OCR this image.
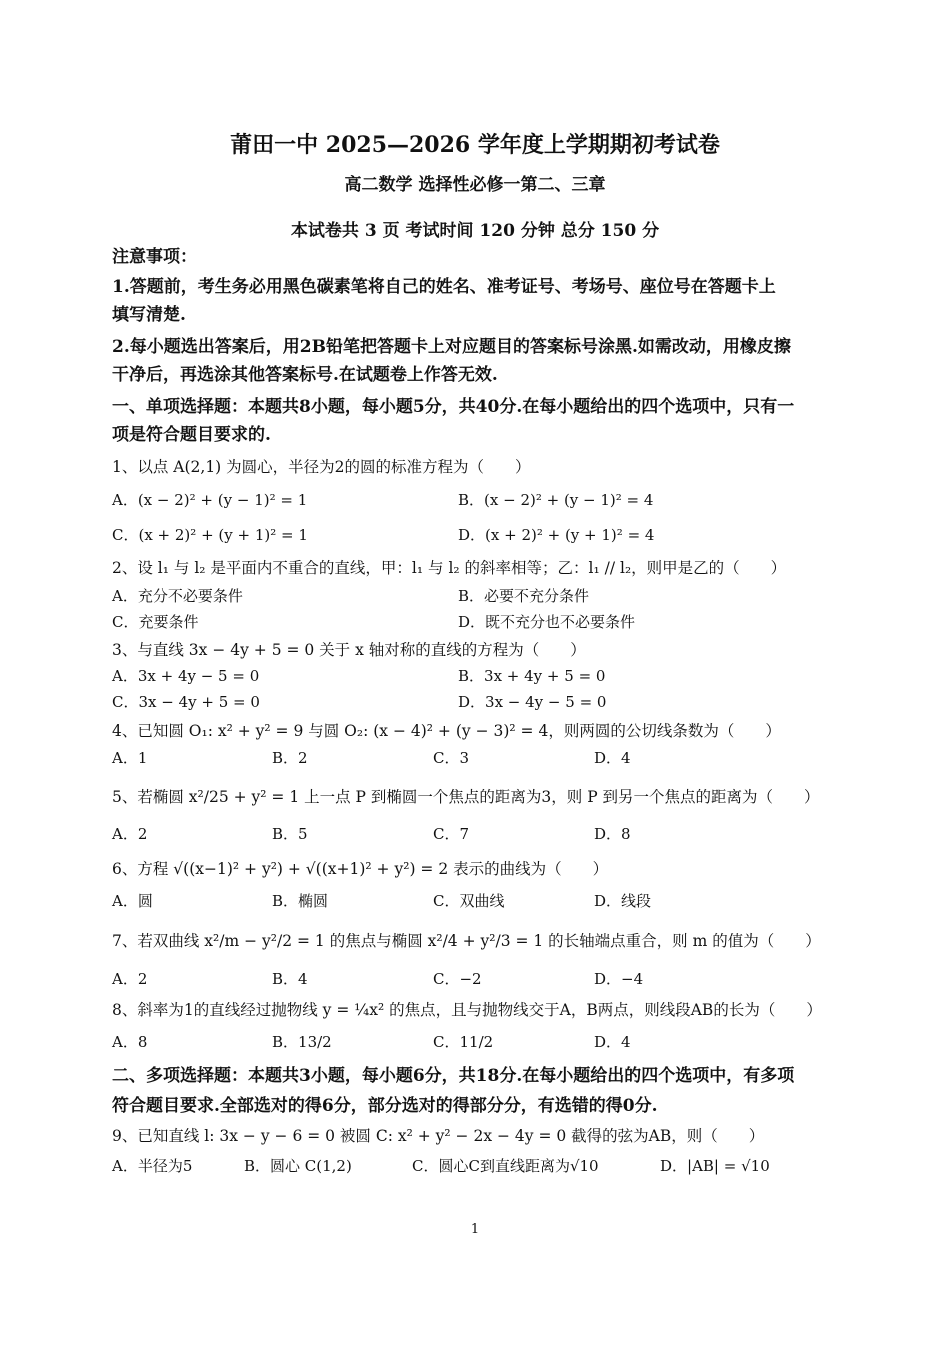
莆田一中 2025—2026 学年度上学期期初考试卷
高二数学 选择性必修一第二、三章
本试卷共 3 页 考试时间 120 分钟 总分 150 分
注意事项：
1.答题前，考生务必用黑色碳素笔将自己的姓名、准考证号、考场号、座位号在答题卡上
填写清楚.
2.每小题选出答案后，用2B铅笔把答题卡上对应题目的答案标号涂黑.如需改动，用橡皮擦
干净后，再选涂其他答案标号.在试题卷上作答无效.
一、单项选择题：本题共8小题，每小题5分，共40分.在每小题给出的四个选项中，只有一
项是符合题目要求的.
1、以点 A(2,1) 为圆心，半径为2的圆的标准方程为（　　）
A．(x − 2)² + (y − 1)² = 1	B．(x − 2)² + (y − 1)² = 4
C．(x + 2)² + (y + 1)² = 1	D．(x + 2)² + (y + 1)² = 4
2、设 l₁ 与 l₂ 是平面内不重合的直线，甲：l₁ 与 l₂ 的斜率相等；乙：l₁ // l₂，则甲是乙的（　　）
A．充分不必要条件	B．必要不充分条件
C．充要条件	D．既不充分也不必要条件
3、与直线 3x − 4y + 5 = 0 关于 x 轴对称的直线的方程为（　　）
A．3x + 4y − 5 = 0	B．3x + 4y + 5 = 0
C．3x − 4y + 5 = 0	D．3x − 4y − 5 = 0
4、已知圆 O₁: x² + y² = 9 与圆 O₂: (x − 4)² + (y − 3)² = 4，则两圆的公切线条数为（　　）
A．1	B．2	C．3	D．4
5、若椭圆 x²/25 + y² = 1 上一点 P 到椭圆一个焦点的距离为3，则 P 到另一个焦点的距离为（　　）
A．2	B．5	C．7	D．8
6、方程 √((x−1)² + y²) + √((x+1)² + y²) = 2 表示的曲线为（　　）
A．圆	B．椭圆	C．双曲线	D．线段
7、若双曲线 x²/m − y²/2 = 1 的焦点与椭圆 x²/4 + y²/3 = 1 的长轴端点重合，则 m 的值为（　　）
A．2	B．4	C．−2	D．−4
8、斜率为1的直线经过抛物线 y = ¼x² 的焦点，且与抛物线交于A，B两点，则线段AB的长为（　　）
A．8	B．13/2	C．11/2	D．4
二、多项选择题：本题共3小题，每小题6分，共18分.在每小题给出的四个选项中，有多项
符合题目要求.全部选对的得6分，部分选对的得部分分，有选错的得0分.
9、已知直线 l: 3x − y − 6 = 0 被圆 C: x² + y² − 2x − 4y = 0 截得的弦为AB，则（　　）
A．半径为5	B．圆心 C(1,2)	C．圆心C到直线距离为√10	D．|AB| = √10
1
